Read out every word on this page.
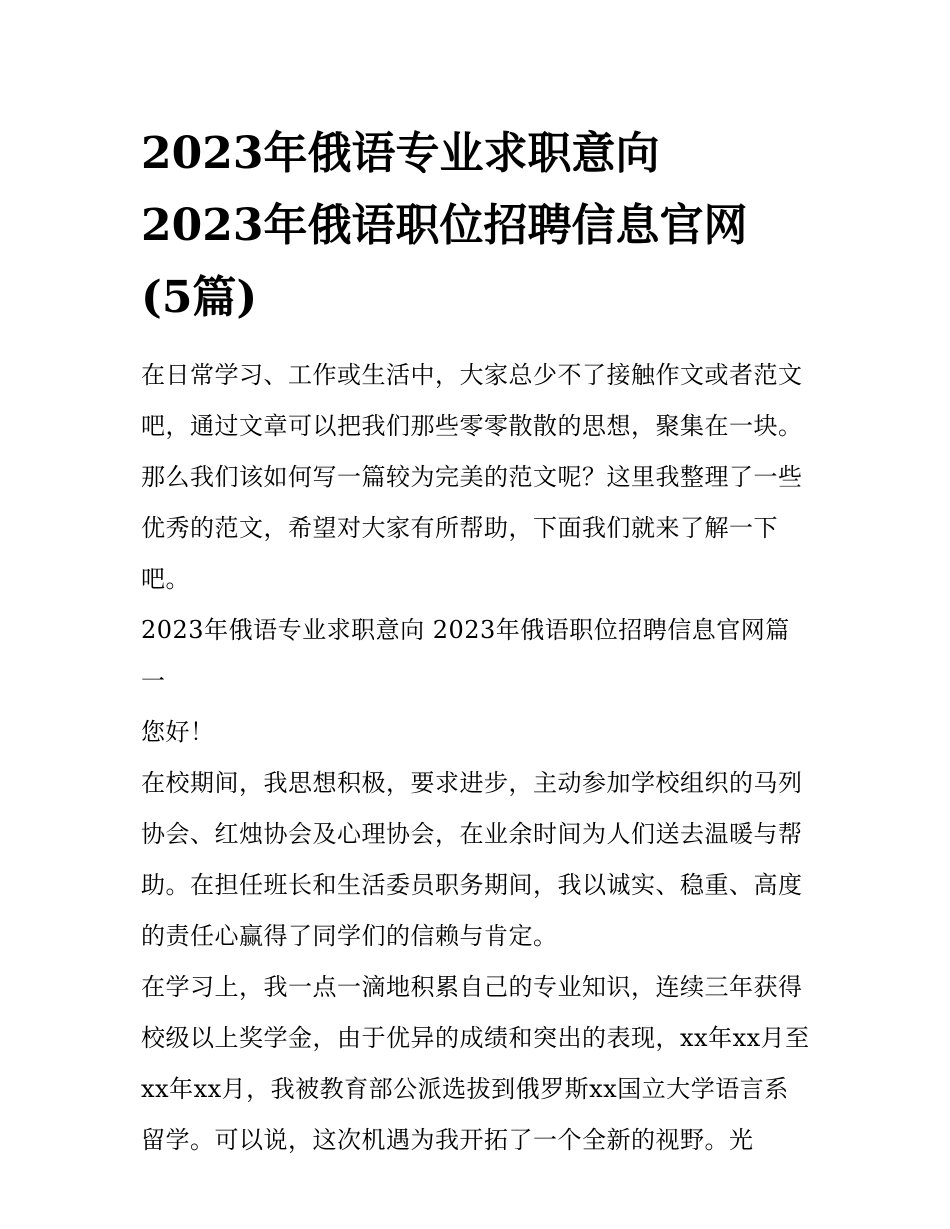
2023年俄语专业求职意向
2023年俄语职位招聘信息官网
(5篇)

在日常学习、工作或生活中，大家总少不了接触作文或者范文吧，通过文章可以把我们那些零零散散的思想，聚集在一块。那么我们该如何写一篇较为完美的范文呢？这里我整理了一些优秀的范文，希望对大家有所帮助，下面我们就来了解一下吧。

2023年俄语专业求职意向 2023年俄语职位招聘信息官网篇一

您好！

在校期间，我思想积极，要求进步，主动参加学校组织的马列协会、红烛协会及心理协会，在业余时间为人们送去温暖与帮助。在担任班长和生活委员职务期间，我以诚实、稳重、高度的责任心赢得了同学们的信赖与肯定。

在学习上，我一点一滴地积累自己的专业知识，连续三年获得校级以上奖学金，由于优异的成绩和突出的表现，xx年xx月至xx年xx月，我被教育部公派选拔到俄罗斯xx国立大学语言系留学。可以说，这次机遇为我开拓了一个全新的视野。光
